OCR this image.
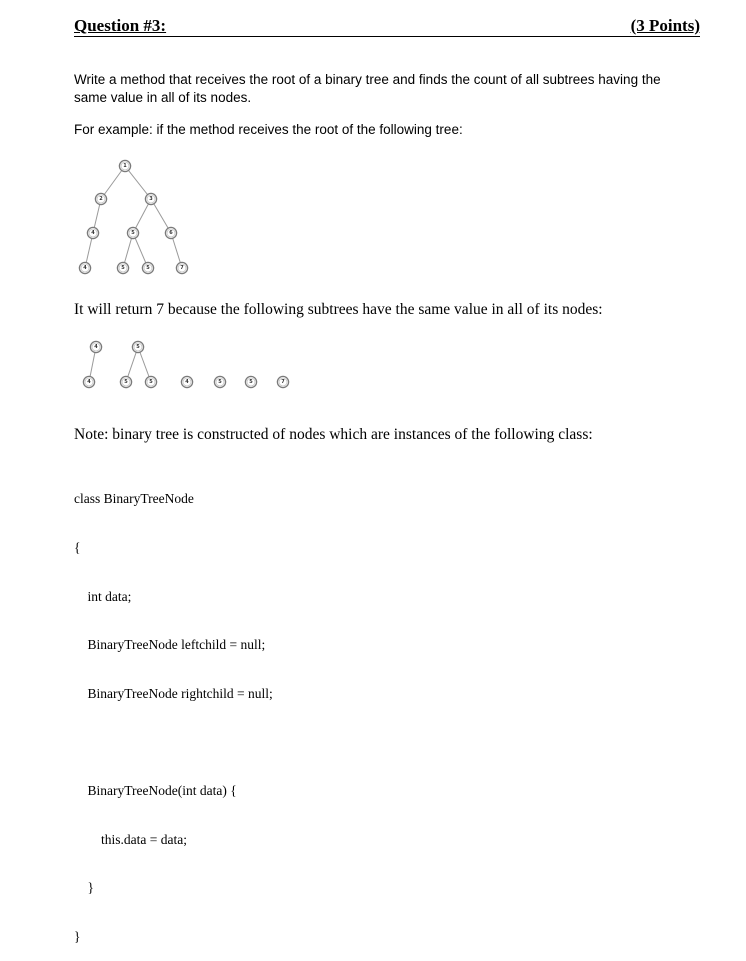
Question #3:	(3 Points)
Write a method that receives the root of a binary tree and finds the count of all subtrees having the same value in all of its nodes.
For example: if the method receives the root of the following tree:
1
2	3
4	5	6
4	5	5	7
4
4
5
5	5	4	5	5	7
It will return 7 because the following subtrees have the same value in all of its nodes:
Note: binary tree is constructed of nodes which are instances of the following class:

class BinaryTreeNode

{

int data;

BinaryTreeNode leftchild = null;

BinaryTreeNode rightchild = null;

BinaryTreeNode(int data) {

this.data = data;

}

}
